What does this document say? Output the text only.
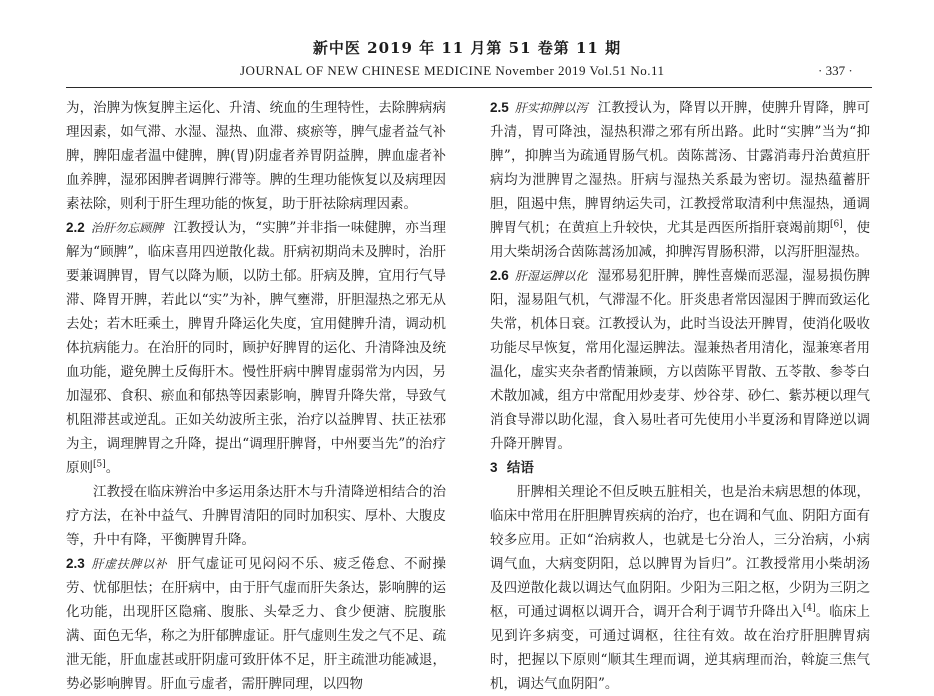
新中医 2019 年 11 月第 51 卷第 11 期
JOURNAL OF NEW CHINESE MEDICINE November 2019 Vol.51 No.11	· 337 ·

为，治脾为恢复脾主运化、升清、统血的生理特性，去除脾病病理因素，如气滞、水湿、湿热、血滞、痰瘀等，脾气虚者益气补脾，脾阳虚者温中健脾，脾(胃)阴虚者养胃阴益脾，脾血虚者补血养脾，湿邪困脾者调脾行滞等。脾的生理功能恢复以及病理因素祛除，则利于肝生理功能的恢复，助于肝祛除病理因素。

2.2 治肝勿忘顾脾 江教授认为，“实脾”并非指一味健脾，亦当理解为“顾脾”，临床喜用四逆散化裁。肝病初期尚未及脾时，治肝要兼调脾胃，胃气以降为顺，以防土郁。肝病及脾，宜用行气导滞、降胃开脾，若此以“实”为补，脾气壅滞，肝胆湿热之邪无从去处；若木旺乘土，脾胃升降运化失度，宜用健脾升清，调动机体抗病能力。在治肝的同时，顾护好脾胃的运化、升清降浊及统血功能，避免脾土反侮肝木。慢性肝病中脾胃虚弱常为内因，另加湿邪、食积、瘀血和郁热等因素影响，脾胃升降失常，导致气机阻滞甚或逆乱。正如关幼波所主张，治疗以益脾胃、扶正祛邪为主，调理脾胃之升降，提出“调理肝脾肾，中州要当先”的治疗原则[5]。

江教授在临床辨治中多运用条达肝木与升清降逆相结合的治疗方法，在补中益气、升脾胃清阳的同时加积实、厚朴、大腹皮等，升中有降，平衡脾胃升降。

2.3 肝虚扶脾以补 肝气虚证可见闷闷不乐、疲乏倦怠、不耐操劳、忧郁胆怯；在肝病中，由于肝气虚而肝失条达，影响脾的运化功能，出现肝区隐痛、腹胀、头晕乏力、食少便溏、脘腹胀满、面色无华，称之为肝郁脾虚证。肝气虚则生发之气不足、疏泄无能，肝血虚甚或肝阴虚可致肝体不足，肝主疏泄功能减退，势必影响脾胃。肝血亏虚者，需肝脾同理，以四物

2.5 肝实抑脾以泻 江教授认为，降胃以开脾，使脾升胃降，脾可升清，胃可降浊，湿热积滞之邪有所出路。此时“实脾”当为“抑脾”，抑脾当为疏通胃肠气机。茵陈蒿汤、甘露消毒丹治黄疸肝病均为泄脾胃之湿热。肝病与湿热关系最为密切。湿热蕴蓄肝胆，阻遏中焦，脾胃纳运失司，江教授常取清利中焦湿热，通调脾胃气机；在黄疸上升较快，尤其是西医所指肝衰竭前期[6]，使用大柴胡汤合茵陈蒿汤加减，抑脾泻胃肠积滞，以泻肝胆湿热。

2.6 肝湿运脾以化 湿邪易犯肝脾，脾性喜燥而恶湿，湿易损伤脾阳，湿易阻气机，气滞湿不化。肝炎患者常因湿困于脾而致运化失常，机体日衰。江教授认为，此时当设法开脾胃，使消化吸收功能尽早恢复，常用化湿运脾法。湿兼热者用清化，湿兼寒者用温化，虚实夹杂者酌情兼顾，方以茵陈平胃散、五苓散、参苓白术散加减，组方中常配用炒麦芽、炒谷芽、砂仁、紫苏梗以理气消食导滞以助化湿，食入易吐者可先使用小半夏汤和胃降逆以调升降开脾胃。

3 结语

肝脾相关理论不但反映五脏相关，也是治未病思想的体现，临床中常用在肝胆脾胃疾病的治疗，也在调和气血、阴阳方面有较多应用。正如“治病救人，也就是七分治人，三分治病，小病调气血，大病变阴阳，总以脾胃为旨归”。江教授常用小柴胡汤及四逆散化裁以调达气血阴阳。少阳为三阳之枢，少阴为三阴之枢，可通过调枢以调开合，调开合利于调节升降出入[4]。临床上见到许多病变，可通过调枢，往往有效。故在治疗肝胆脾胃病时，把握以下原则“顺其生理而调，逆其病理而治，斡旋三焦气机，调达气血阴阳”。
